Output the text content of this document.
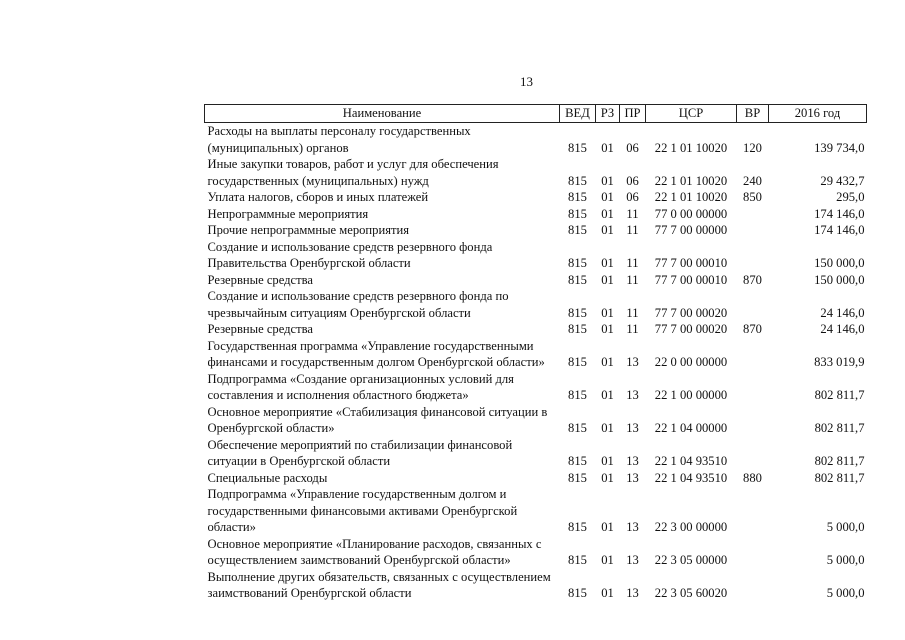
13
Наименование	ВЕД	РЗ	ПР	ЦСР	ВР	2016 год
Расходы на выплаты персоналу государственных (муниципальных) органов	815	01	06	22 1 01 10020	120	139 734,0
Иные закупки товаров, работ и услуг для обеспечения государственных (муниципальных) нужд	815	01	06	22 1 01 10020	240	29 432,7
Уплата налогов, сборов и иных платежей	815	01	06	22 1 01 10020	850	295,0
Непрограммные мероприятия	815	01	11	77 0 00 00000		174 146,0
Прочие непрограммные мероприятия	815	01	11	77 7 00 00000		174 146,0
Создание и использование средств резервного фонда Правительства Оренбургской области	815	01	11	77 7 00 00010		150 000,0
Резервные средства	815	01	11	77 7 00 00010	870	150 000,0
Создание и использование средств резервного фонда по чрезвычайным ситуациям Оренбургской области	815	01	11	77 7 00 00020		24 146,0
Резервные средства	815	01	11	77 7 00 00020	870	24 146,0
Государственная программа «Управление государственными финансами и государственным долгом Оренбургской области»	815	01	13	22 0 00 00000		833 019,9
Подпрограмма «Создание организационных условий для составления и исполнения областного бюджета»	815	01	13	22 1 00 00000		802 811,7
Основное мероприятие «Стабилизация финансовой ситуации в Оренбургской области»	815	01	13	22 1 04 00000		802 811,7
Обеспечение мероприятий по стабилизации финансовой ситуации в Оренбургской области	815	01	13	22 1 04 93510		802 811,7
Специальные расходы	815	01	13	22 1 04 93510	880	802 811,7
Подпрограмма «Управление государственным долгом и государственными финансовыми активами Оренбургской области»	815	01	13	22 3 00 00000		5 000,0
Основное мероприятие «Планирование расходов, связанных с осуществлением заимствований Оренбургской области»	815	01	13	22 3 05 00000		5 000,0
Выполнение других обязательств, связанных с осуществлением заимствований Оренбургской области	815	01	13	22 3 05 60020		5 000,0
